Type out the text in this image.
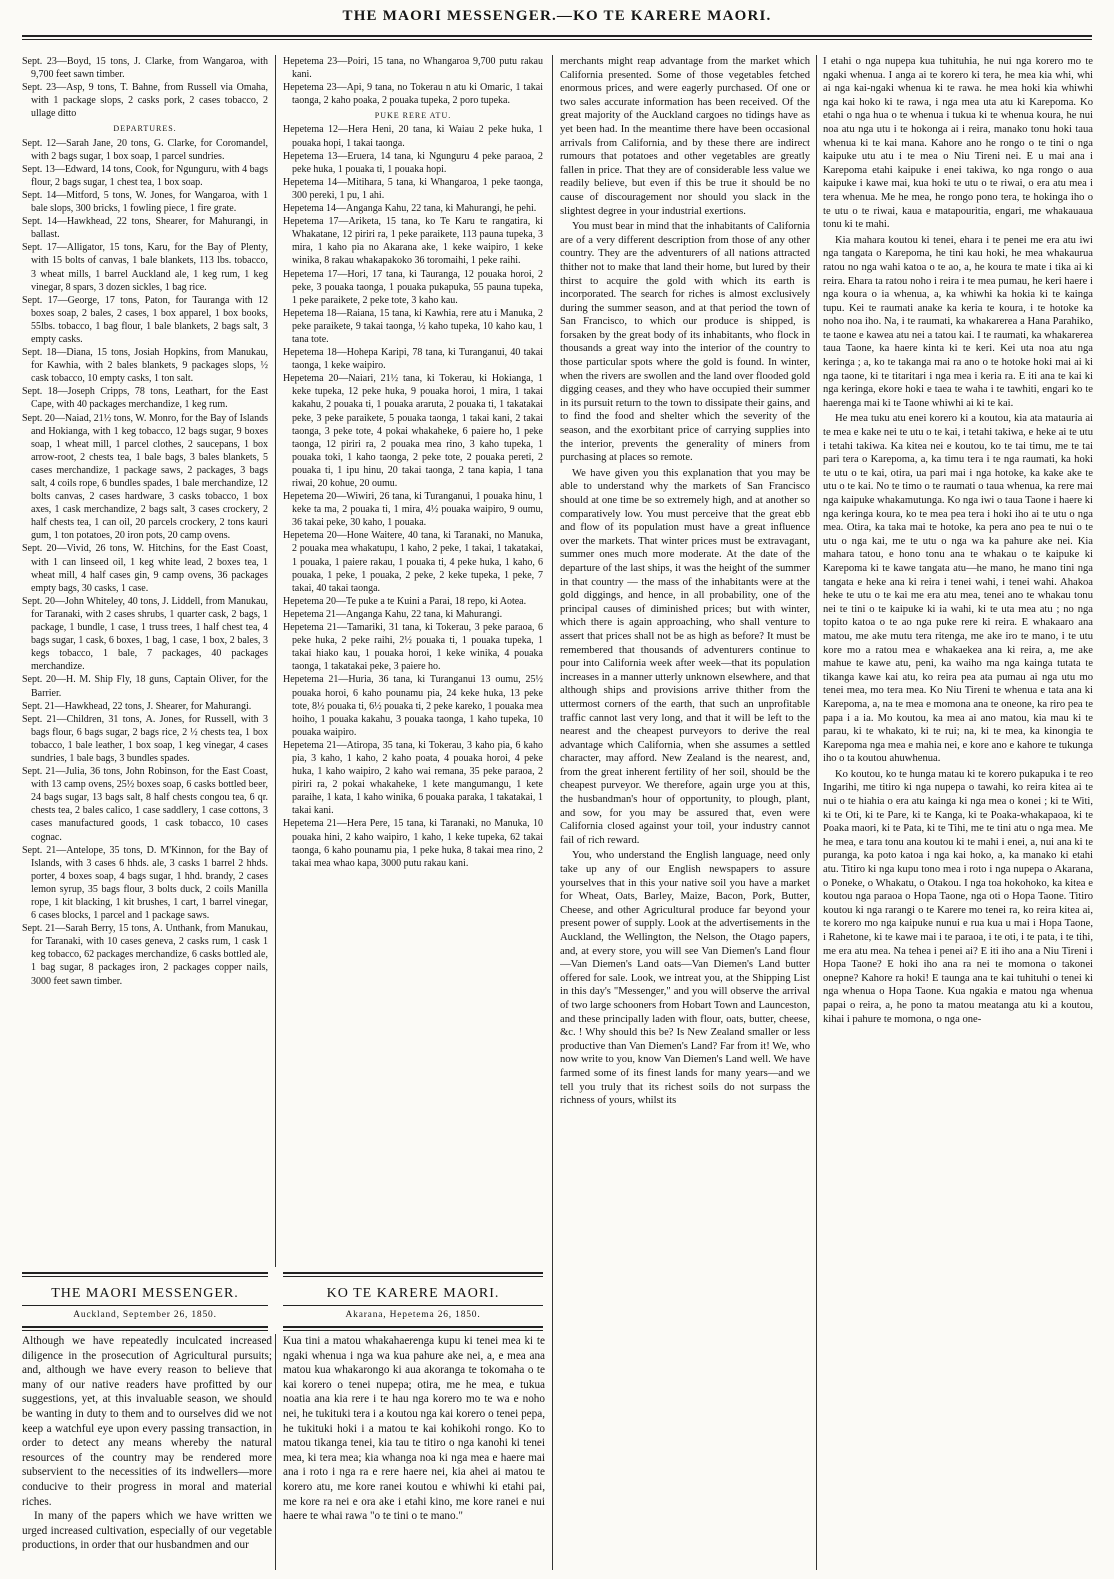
THE MAORI MESSENGER.—KO TE KARERE MAORI.

Sept. 23—Boyd, 15 tons, J. Clarke, from Wangaroa, with 9,700 feet sawn timber.

Sept. 23—Asp, 9 tons, T. Bahne, from Russell via Omaha, with 1 package slops, 2 casks pork, 2 cases tobacco, 2 ullage ditto

DEPARTURES.

Sept. 12—Sarah Jane, 20 tons, G. Clarke, for Coromandel, with 2 bags sugar, 1 box soap, 1 parcel sundries.

Sept. 13—Edward, 14 tons, Cook, for Ngunguru, with 4 bags flour, 2 bags sugar, 1 chest tea, 1 box soap.

Sept. 14—Mitford, 5 tons, W. Jones, for Wangaroa, with 1 bale slops, 300 bricks, 1 fowling piece, 1 fire grate.

Sept. 14—Hawkhead, 22 tons, Shearer, for Mahurangi, in ballast.

Sept. 17—Alligator, 15 tons, Karu, for the Bay of Plenty, with 15 bolts of canvas, 1 bale blankets, 113 lbs. tobacco, 3 wheat mills, 1 barrel Auckland ale, 1 keg rum, 1 keg vinegar, 8 spars, 3 dozen sickles, 1 bag rice.

Sept. 17—George, 17 tons, Paton, for Tauranga with 12 boxes soap, 2 bales, 2 cases, 1 box apparel, 1 box books, 55lbs. tobacco, 1 bag flour, 1 bale blankets, 2 bags salt, 3 empty casks.

Sept. 18—Diana, 15 tons, Josiah Hopkins, from Manukau, for Kawhia, with 2 bales blankets, 9 packages slops, ½ cask tobacco, 10 empty casks, 1 ton salt.

Sept. 18—Joseph Cripps, 78 tons, Leathart, for the East Cape, with 40 packages merchandize, 1 keg rum.

Sept. 20—Naiad, 21½ tons, W. Monro, for the Bay of Islands and Hokianga, with 1 keg tobacco, 12 bags sugar, 9 boxes soap, 1 wheat mill, 1 parcel clothes, 2 saucepans, 1 box arrow-root, 2 chests tea, 1 bale bags, 3 bales blankets, 5 cases merchandize, 1 package saws, 2 packages, 3 bags salt, 4 coils rope, 6 bundles spades, 1 bale merchandize, 12 bolts canvas, 2 cases hardware, 3 casks tobacco, 1 box axes, 1 cask merchandize, 2 bags salt, 3 cases crockery, 2 half chests tea, 1 can oil, 20 parcels crockery, 2 tons kauri gum, 1 ton potatoes, 20 iron pots, 20 camp ovens.

Sept. 20—Vivid, 26 tons, W. Hitchins, for the East Coast, with 1 can linseed oil, 1 keg white lead, 2 boxes tea, 1 wheat mill, 4 half cases gin, 9 camp ovens, 36 packages empty bags, 30 casks, 1 case.

Sept. 20—John Whiteley, 40 tons, J. Liddell, from Manukau, for Taranaki, with 2 cases shrubs, 1 quarter cask, 2 bags, 1 package, 1 bundle, 1 case, 1 truss trees, 1 half chest tea, 4 bags sugar, 1 cask, 6 boxes, 1 bag, 1 case, 1 box, 2 bales, 3 kegs tobacco, 1 bale, 7 packages, 40 packages merchandize.

Sept. 20—H. M. Ship Fly, 18 guns, Captain Oliver, for the Barrier.

Sept. 21—Hawkhead, 22 tons, J. Shearer, for Mahurangi.

Sept. 21—Children, 31 tons, A. Jones, for Russell, with 3 bags flour, 6 bags sugar, 2 bags rice, 2 ½ chests tea, 1 box tobacco, 1 bale leather, 1 box soap, 1 keg vinegar, 4 cases sundries, 1 bale bags, 3 bundles spades.

Sept. 21—Julia, 36 tons, John Robinson, for the East Coast, with 13 camp ovens, 25½ boxes soap, 6 casks bottled beer, 24 bags sugar, 13 bags salt, 8 half chests congou tea, 6 qr. chests tea, 2 bales calico, 1 case saddlery, 1 case cottons, 3 cases manufactured goods, 1 cask tobacco, 10 cases cognac.

Sept. 21—Antelope, 35 tons, D. M'Kinnon, for the Bay of Islands, with 3 cases 6 hhds. ale, 3 casks 1 barrel 2 hhds. porter, 4 boxes soap, 4 bags sugar, 1 hhd. brandy, 2 cases lemon syrup, 35 bags flour, 3 bolts duck, 2 coils Manilla rope, 1 kit blacking, 1 kit brushes, 1 cart, 1 barrel vinegar, 6 cases blocks, 1 parcel and 1 package saws.

Sept. 21—Sarah Berry, 15 tons, A. Unthank, from Manukau, for Taranaki, with 10 cases geneva, 2 casks rum, 1 cask 1 keg tobacco, 62 packages merchandize, 6 casks bottled ale, 1 bag sugar, 8 packages iron, 2 packages copper nails, 3000 feet sawn timber.

Hepetema 23—Poiri, 15 tana, no Whangaroa 9,700 putu rakau kani.

Hepetema 23—Api, 9 tana, no Tokerau n atu ki Omaric, 1 takai taonga, 2 kaho poaka, 2 pouaka tupeka, 2 poro tupeka.

PUKE RERE ATU.

Hepetema 12—Hera Heni, 20 tana, ki Waiau 2 peke huka, 1 pouaka hopi, 1 takai taonga.

Hepetema 13—Eruera, 14 tana, ki Ngunguru 4 peke paraoa, 2 peke huka, 1 pouaka ti, 1 pouaka hopi.

Hepetema 14—Mitihara, 5 tana, ki Whangaroa, 1 peke taonga, 300 pereki, 1 pu, 1 ahi.

Hepetema 14—Anganga Kahu, 22 tana, ki Mahurangi, he pehi.

Hepetema 17—Ariketa, 15 tana, ko Te Karu te rangatira, ki Whakatane, 12 piriri ra, 1 peke paraikete, 113 pauna tupeka, 3 mira, 1 kaho pia no Akarana ake, 1 keke waipiro, 1 keke winika, 8 rakau whakapakoko 36 toromaihi, 1 peke raihi.

Hepetema 17—Hori, 17 tana, ki Tauranga, 12 pouaka horoi, 2 peke, 3 pouaka taonga, 1 pouaka pukapuka, 55 pauna tupeka, 1 peke paraikete, 2 peke tote, 3 kaho kau.

Hepetema 18—Raiana, 15 tana, ki Kawhia, rere atu i Manuka, 2 peke paraikete, 9 takai taonga, ½ kaho tupeka, 10 kaho kau, 1 tana tote.

Hepetema 18—Hohepa Karipi, 78 tana, ki Turanganui, 40 takai taonga, 1 keke waipiro.

Hepetema 20—Naiari, 21½ tana, ki Tokerau, ki Hokianga, 1 keke tupeka, 12 peke huka, 9 pouaka horoi, 1 mira, 1 takai kakahu, 2 pouaka ti, 1 pouaka araruta, 2 pouaka ti, 1 takatakai peke, 3 peke paraikete, 5 pouaka taonga, 1 takai kani, 2 takai taonga, 3 peke tote, 4 pokai whakaheke, 6 paiere ho, 1 peke taonga, 12 piriri ra, 2 pouaka mea rino, 3 kaho tupeka, 1 pouaka toki, 1 kaho taonga, 2 peke tote, 2 pouaka pereti, 2 pouaka ti, 1 ipu hinu, 20 takai taonga, 2 tana kapia, 1 tana riwai, 20 kohue, 20 oumu.

Hepetema 20—Wiwiri, 26 tana, ki Turanganui, 1 pouaka hinu, 1 keke ta ma, 2 pouaka ti, 1 mira, 4½ pouaka waipiro, 9 oumu, 36 takai peke, 30 kaho, 1 pouaka.

Hepetema 20—Hone Waitere, 40 tana, ki Taranaki, no Manuka, 2 pouaka mea whakatupu, 1 kaho, 2 peke, 1 takai, 1 takatakai, 1 pouaka, 1 paiere rakau, 1 pouaka ti, 4 peke huka, 1 kaho, 6 pouaka, 1 peke, 1 pouaka, 2 peke, 2 keke tupeka, 1 peke, 7 takai, 40 takai taonga.

Hepetema 20—Te puke a te Kuini a Parai, 18 repo, ki Aotea.

Hepetema 21—Anganga Kahu, 22 tana, ki Mahurangi.

Hepetema 21—Tamariki, 31 tana, ki Tokerau, 3 peke paraoa, 6 peke huka, 2 peke raihi, 2½ pouaka ti, 1 pouaka tupeka, 1 takai hiako kau, 1 pouaka horoi, 1 keke winika, 4 pouaka taonga, 1 takatakai peke, 3 paiere ho.

Hepetema 21—Huria, 36 tana, ki Turanganui 13 oumu, 25½ pouaka horoi, 6 kaho pounamu pia, 24 keke huka, 13 peke tote, 8½ pouaka ti, 6½ pouaka ti, 2 peke kareko, 1 pouaka mea hoiho, 1 pouaka kakahu, 3 pouaka taonga, 1 kaho tupeka, 10 pouaka waipiro.

Hepetema 21—Atiropa, 35 tana, ki Tokerau, 3 kaho pia, 6 kaho pia, 3 kaho, 1 kaho, 2 kaho poata, 4 pouaka horoi, 4 peke huka, 1 kaho waipiro, 2 kaho wai remana, 35 peke paraoa, 2 piriri ra, 2 pokai whakaheke, 1 kete mangumangu, 1 kete paraihe, 1 kata, 1 kaho winika, 6 pouaka paraka, 1 takatakai, 1 takai kani.

Hepetema 21—Hera Pere, 15 tana, ki Taranaki, no Manuka, 10 pouaka hini, 2 kaho waipiro, 1 kaho, 1 keke tupeka, 62 takai taonga, 6 kaho pounamu pia, 1 peke huka, 8 takai mea rino, 2 takai mea whao kapa, 3000 putu rakau kani.

merchants might reap advantage from the market which California presented. Some of those vegetables fetched enormous prices, and were eagerly purchased. Of one or two sales accurate information has been received. Of the great majority of the Auckland cargoes no tidings have as yet been had. In the meantime there have been occasional arrivals from California, and by these there are indirect rumours that potatoes and other vegetables are greatly fallen in price. That they are of considerable less value we readily believe, but even if this be true it should be no cause of discouragement nor should you slack in the slightest degree in your industrial exertions.

You must bear in mind that the inhabitants of California are of a very different description from those of any other country. They are the adventurers of all nations attracted thither not to make that land their home, but lured by their thirst to acquire the gold with which its earth is incorporated. The search for riches is almost exclusively during the summer season, and at that period the town of San Francisco, to which our produce is shipped, is forsaken by the great body of its inhabitants, who flock in thousands a great way into the interior of the country to those particular spots where the gold is found. In winter, when the rivers are swollen and the land over flooded gold digging ceases, and they who have occupied their summer in its pursuit return to the town to dissipate their gains, and to find the food and shelter which the severity of the season, and the exorbitant price of carrying supplies into the interior, prevents the generality of miners from purchasing at places so remote.

We have given you this explanation that you may be able to understand why the markets of San Francisco should at one time be so extremely high, and at another so comparatively low. You must perceive that the great ebb and flow of its population must have a great influence over the markets. That winter prices must be extravagant, summer ones much more moderate. At the date of the departure of the last ships, it was the height of the summer in that country — the mass of the inhabitants were at the gold diggings, and hence, in all probability, one of the principal causes of diminished prices; but with winter, which there is again approaching, who shall venture to assert that prices shall not be as high as before? It must be remembered that thousands of adventurers continue to pour into California week after week—that its population increases in a manner utterly unknown elsewhere, and that although ships and provisions arrive thither from the uttermost corners of the earth, that such an unprofitable traffic cannot last very long, and that it will be left to the nearest and the cheapest purveyors to derive the real advantage which California, when she assumes a settled character, may afford. New Zealand is the nearest, and, from the great inherent fertility of her soil, should be the cheapest purveyor. We therefore, again urge you at this, the husbandman's hour of opportunity, to plough, plant, and sow, for you may be assured that, even were California closed against your toil, your industry cannot fail of rich reward.

You, who understand the English language, need only take up any of our English newspapers to assure yourselves that in this your native soil you have a market for Wheat, Oats, Barley, Maize, Bacon, Pork, Butter, Cheese, and other Agricultural produce far beyond your present power of supply. Look at the advertisements in the Auckland, the Wellington, the Nelson, the Otago papers, and, at every store, you will see Van Diemen's Land flour—Van Diemen's Land oats—Van Diemen's Land butter offered for sale. Look, we intreat you, at the Shipping List in this day's "Messenger," and you will observe the arrival of two large schooners from Hobart Town and Launceston, and these principally laden with flour, oats, butter, cheese, &c. ! Why should this be? Is New Zealand smaller or less productive than Van Diemen's Land? Far from it! We, who now write to you, know Van Diemen's Land well. We have farmed some of its finest lands for many years—and we tell you truly that its richest soils do not surpass the richness of yours, whilst its

I etahi o nga nupepa kua tuhituhia, he nui nga korero mo te ngaki whenua. I anga ai te korero ki tera, he mea kia whi, whi ai nga kai-ngaki whenua ki te rawa. he mea hoki kia whiwhi nga kai hoko ki te rawa, i nga mea uta atu ki Karepoma. Ko etahi o nga hua o te whenua i tukua ki te whenua koura, he nui noa atu nga utu i te hokonga ai i reira, manako tonu hoki taua whenua ki te kai mana. Kahore ano he rongo o te tini o nga kaipuke utu atu i te mea o Niu Tireni nei. E u mai ana i Karepoma etahi kaipuke i enei takiwa, ko nga rongo o aua kaipuke i kawe mai, kua hoki te utu o te riwai, o era atu mea i tera whenua. Me he mea, he rongo pono tera, te hokinga iho o te utu o te riwai, kaua e matapouritia, engari, me whakauaua tonu ki te mahi.

Kia mahara koutou ki tenei, ehara i te penei me era atu iwi nga tangata o Karepoma, he tini kau hoki, he mea whakaurua ratou no nga wahi katoa o te ao, a, he koura te mate i tika ai ki reira. Ehara ta ratou noho i reira i te mea pumau, he keri haere i nga koura o ia whenua, a, ka whiwhi ka hokia ki te kainga tupu. Kei te raumati anake ka keria te koura, i te hotoke ka noho noa iho. Na, i te raumati, ka whakarerea a Hana Parahiko, te taone e kawea atu nei a tatou kai. I te raumati, ka whakarerea taua Taone, ka haere kinta ki te keri. Kei uta noa atu nga keringa ; a, ko te takanga mai ra ano o te hotoke hoki mai ai ki nga taone, ki te titaritari i nga mea i keria ra. E iti ana te kai ki nga keringa, ekore hoki e taea te waha i te tawhiti, engari ko te haerenga mai ki te Taone whiwhi ai ki te kai.

He mea tuku atu enei korero ki a koutou, kia ata matauria ai te mea e kake nei te utu o te kai, i tetahi takiwa, e heke ai te utu i tetahi takiwa. Ka kitea nei e koutou, ko te tai timu, me te tai pari tera o Karepoma, a, ka timu tera i te nga raumati, ka hoki te utu o te kai, otira, ua pari mai i nga hotoke, ka kake ake te utu o te kai. No te timo o te raumati o taua whenua, ka rere mai nga kaipuke whakamutunga. Ko nga iwi o taua Taone i haere ki nga keringa koura, ko te mea pea tera i hoki iho ai te utu o nga mea. Otira, ka taka mai te hotoke, ka pera ano pea te nui o te utu o nga kai, me te utu o nga wa ka pahure ake nei. Kia mahara tatou, e hono tonu ana te whakau o te kaipuke ki Karepoma ki te kawe tangata atu—he mano, he mano tini nga tangata e heke ana ki reira i tenei wahi, i tenei wahi. Ahakoa heke te utu o te kai me era atu mea, tenei ano te whakau tonu nei te tini o te kaipuke ki ia wahi, ki te uta mea atu ; no nga topito katoa o te ao nga puke rere ki reira. E whakaaro ana matou, me ake mutu tera ritenga, me ake iro te mano, i te utu kore mo a ratou mea e whakaekea ana ki reira, a, me ake mahue te kawe atu, peni, ka waiho ma nga kainga tutata te tikanga kawe kai atu, ko reira pea ata pumau ai nga utu mo tenei mea, mo tera mea. Ko Niu Tireni te whenua e tata ana ki Karepoma, a, na te mea e momona ana te oneone, ka riro pea te papa i a ia. Mo koutou, ka mea ai ano matou, kia mau ki te parau, ki te whakato, ki te rui; na, ki te mea, ka kinongia te Karepoma nga mea e mahia nei, e kore ano e kahore te tukunga iho o ta koutou ahuwhenua.

Ko koutou, ko te hunga matau ki te korero pukapuka i te reo Ingarihi, me titiro ki nga nupepa o tawahi, ko reira kitea ai te nui o te hiahia o era atu kainga ki nga mea o konei ; ki te Witi, ki te Oti, ki te Pare, ki te Kanga, ki te Poaka-whakapaoa, ki te Poaka maori, ki te Pata, ki te Tihi, me te tini atu o nga mea. Me he mea, e tara tonu ana koutou ki te mahi i enei, a, nui ana ki te puranga, ka poto katoa i nga kai hoko, a, ka manako ki etahi atu. Titiro ki nga kupu tono mea i roto i nga nupepa o Akarana, o Poneke, o Whakatu, o Otakou. I nga toa hokohoko, ka kitea e koutou nga paraoa o Hopa Taone, nga oti o Hopa Taone. Titiro koutou ki nga rarangi o te Karere mo tenei ra, ko reira kitea ai, te korero mo nga kaipuke nunui e rua kua u mai i Hopa Taone, i Rahetone, ki te kawe mai i te paraoa, i te oti, i te pata, i te tihi, me era atu mea. Na tehea i penei ai? E iti iho ana a Niu Tireni i Hopa Taone? E hoki iho ana ra nei te momona o takonei onepne? Kahore ra hoki! E taunga ana te kai tuhituhi o tenei ki nga whenua o Hopa Taone. Kua ngakia e matou nga whenua papai o reira, a, he pono ta matou meatanga atu ki a koutou, kihai i pahure te momona, o nga one-

THE MAORI MESSENGER.
Auckland, September 26, 1850.

Although we have repeatedly inculcated increased diligence in the prosecution of Agricultural pursuits; and, although we have every reason to believe that many of our native readers have profitted by our suggestions, yet, at this invaluable season, we should be wanting in duty to them and to ourselves did we not keep a watchful eye upon every passing transaction, in order to detect any means whereby the natural resources of the country may be rendered more subservient to the necessities of its indwellers—more conducive to their progress in moral and material riches.

In many of the papers which we have written we urged increased cultivation, especially of our vegetable productions, in order that our husbandmen and our

KO TE KARERE MAORI.
Akarana, Hepetema 26, 1850.

Kua tini a matou whakahaerenga kupu ki tenei mea ki te ngaki whenua i nga wa kua pahure ake nei, a, e mea ana matou kua whakarongo ki aua akoranga te tokomaha o te kai korero o tenei nupepa; otira, me he mea, e tukua noatia ana kia rere i te hau nga korero mo te wa e noho nei, he tukituki tera i a koutou nga kai korero o tenei pepa, he tukituki hoki i a matou te kai kohikohi rongo. Ko to matou tikanga tenei, kia tau te titiro o nga kanohi ki tenei mea, ki tera mea; kia whanga noa ki nga mea e haere mai ana i roto i nga ra e rere haere nei, kia ahei ai matou te korero atu, me kore ranei koutou e whiwhi ki etahi pai, me kore ra nei e ora ake i etahi kino, me kore ranei e nui haere te whai rawa "o te tini o te mano."
